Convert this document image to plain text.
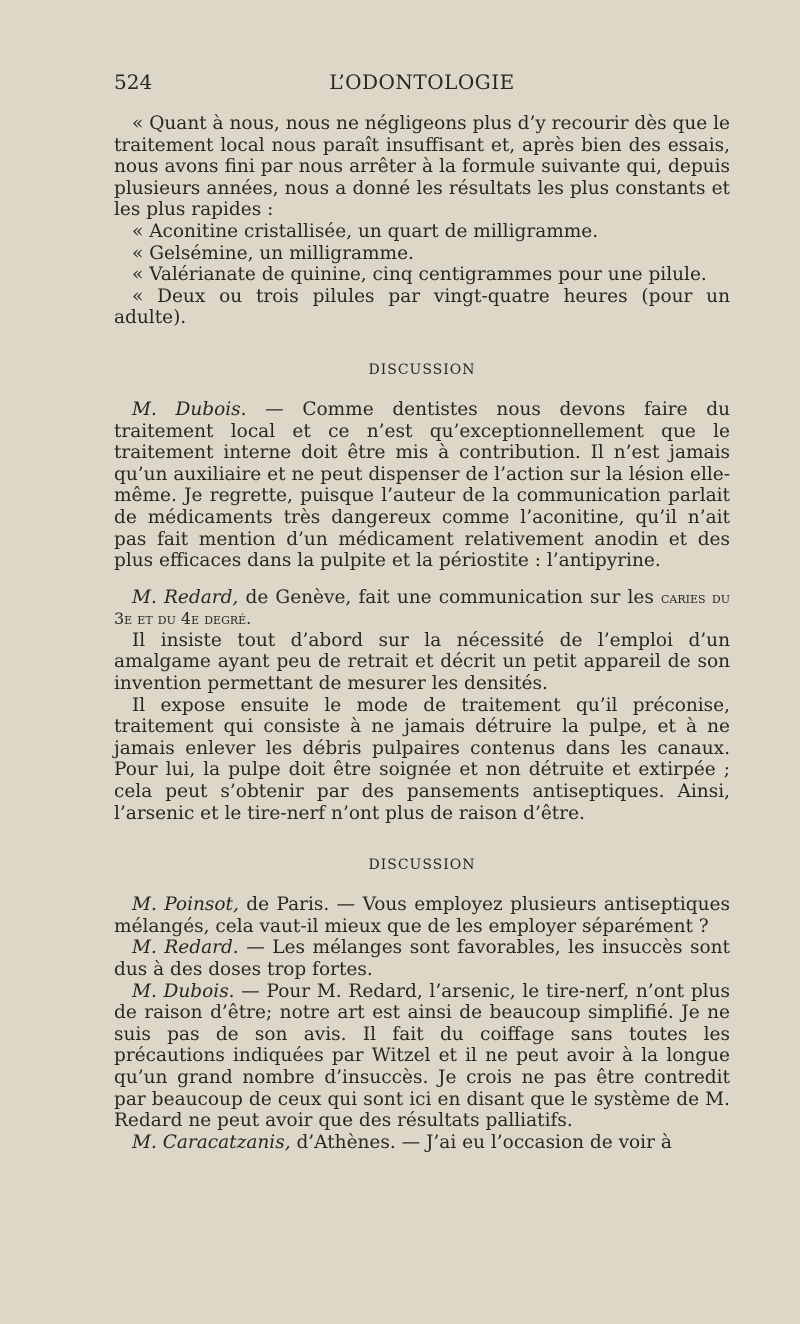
524	L’ODONTOLOGIE

« Quant à nous, nous ne négligeons plus d’y recourir dès que le traitement local nous paraît insuffisant et, après bien des essais, nous avons fini par nous arrêter à la formule suivante qui, depuis plusieurs années, nous a donné les résultats les plus constants et les plus rapides :

« Aconitine cristallisée, un quart de milligramme.

« Gelsémine, un milligramme.

« Valérianate de quinine, cinq centigrammes pour une pilule.

« Deux ou trois pilules par vingt-quatre heures (pour un adulte).

DISCUSSION

M. Dubois. — Comme dentistes nous devons faire du traitement local et ce n’est qu’exceptionnellement que le traitement interne doit être mis à contribution. Il n’est jamais qu’un auxiliaire et ne peut dispenser de l’action sur la lésion elle-même. Je regrette, puisque l’auteur de la communication parlait de médicaments très dangereux comme l’aconitine, qu’il n’ait pas fait mention d’un médicament relativement anodin et des plus efficaces dans la pulpite et la périostite : l’antipyrine.

M. Redard, de Genève, fait une communication sur les caries du 3e et du 4e degré.

Il insiste tout d’abord sur la nécessité de l’emploi d’un amalgame ayant peu de retrait et décrit un petit appareil de son invention permettant de mesurer les densités.

Il expose ensuite le mode de traitement qu’il préconise, traitement qui consiste à ne jamais détruire la pulpe, et à ne jamais enlever les débris pulpaires contenus dans les canaux. Pour lui, la pulpe doit être soignée et non détruite et extirpée ; cela peut s’obtenir par des pansements antiseptiques. Ainsi, l’arsenic et le tire-nerf n’ont plus de raison d’être.

DISCUSSION

M. Poinsot, de Paris. — Vous employez plusieurs antiseptiques mélangés, cela vaut-il mieux que de les employer séparément ?

M. Redard. — Les mélanges sont favorables, les insuccès sont dus à des doses trop fortes.

M. Dubois. — Pour M. Redard, l’arsenic, le tire-nerf, n’ont plus de raison d’être; notre art est ainsi de beaucoup simplifié. Je ne suis pas de son avis. Il fait du coiffage sans toutes les précautions indiquées par Witzel et il ne peut avoir à la longue qu’un grand nombre d’insuccès. Je crois ne pas être contredit par beaucoup de ceux qui sont ici en disant que le système de M. Redard ne peut avoir que des résultats palliatifs.

M. Caracatzanis, d’Athènes. — J’ai eu l’occasion de voir à
